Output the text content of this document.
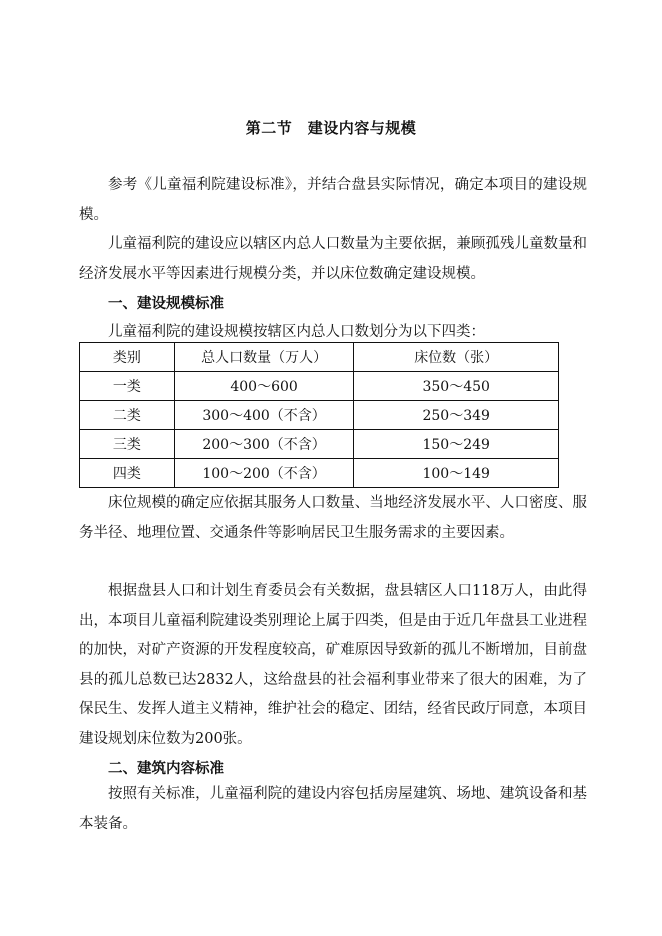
第二节　建设内容与规模

参考《儿童福利院建设标准》，并结合盘县实际情况，确定本项目的建设规模。

儿童福利院的建设应以辖区内总人口数量为主要依据，兼顾孤残儿童数量和经济发展水平等因素进行规模分类，并以床位数确定建设规模。

一、建设规模标准

儿童福利院的建设规模按辖区内总人口数划分为以下四类：

类别	总人口数量（万人）	床位数（张）
一类	400～600	350～450
二类	300～400（不含）	250～349
三类	200～300（不含）	150～249
四类	100～200（不含）	100～149

床位规模的确定应依据其服务人口数量、当地经济发展水平、人口密度、服务半径、地理位置、交通条件等影响居民卫生服务需求的主要因素。

根据盘县人口和计划生育委员会有关数据，盘县辖区人口118万人，由此得出，本项目儿童福利院建设类别理论上属于四类，但是由于近几年盘县工业进程的加快，对矿产资源的开发程度较高，矿难原因导致新的孤儿不断增加，目前盘县的孤儿总数已达2832人，这给盘县的社会福利事业带来了很大的困难，为了保民生、发挥人道主义精神，维护社会的稳定、团结，经省民政厅同意，本项目建设规划床位数为200张。

二、建筑内容标准

按照有关标准，儿童福利院的建设内容包括房屋建筑、场地、建筑设备和基本装备。
